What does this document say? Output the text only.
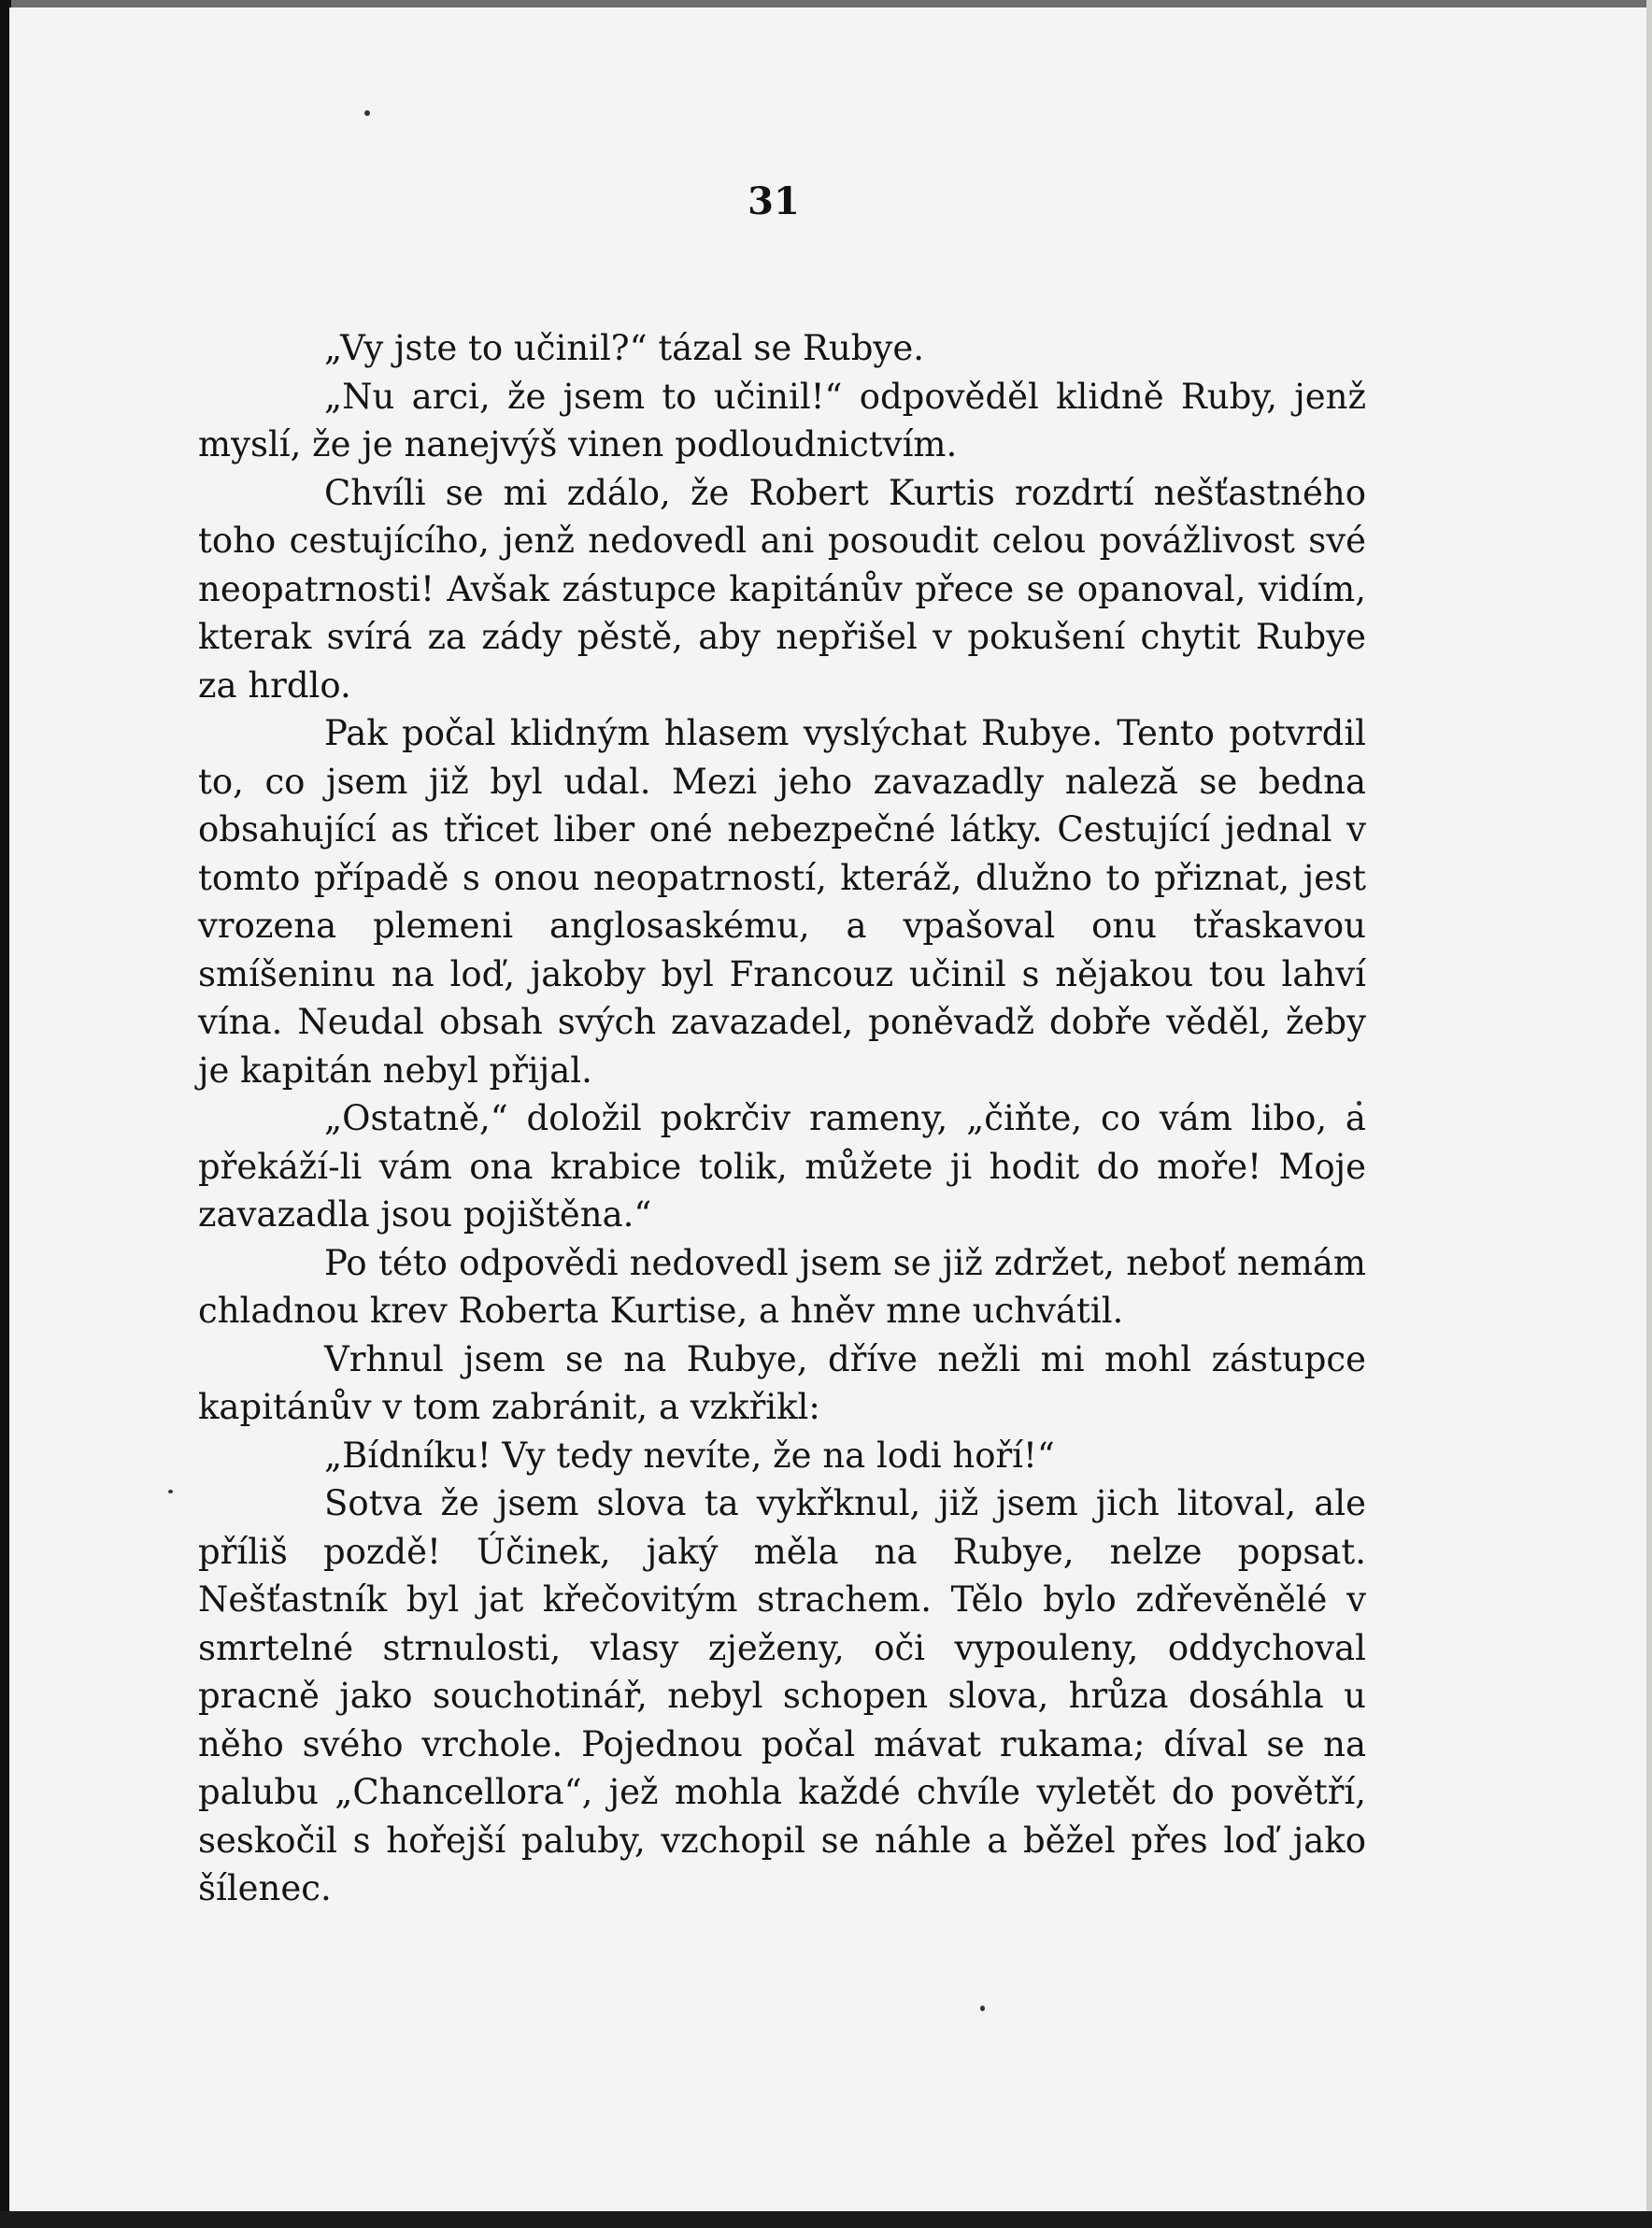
31

„Vy jste to učinil?“ tázal se Rubye.

„Nu arci, že jsem to učinil!“ odpověděl klidně Ruby, jenž myslí, že je nanejvýš vinen podloudnictvím.

Chvíli se mi zdálo, že Robert Kurtis rozdrtí nešťastného toho cestujícího, jenž nedovedl ani posoudit celou povážlivost své neopatrnosti! Avšak zástupce kapitánův přece se opanoval, vidím, kterak svírá za zády pěstě, aby nepřišel v pokušení chytit Rubye za hrdlo.

Pak počal klidným hlasem vyslýchat Rubye. Tento potvrdil to, co jsem již byl udal. Mezi jeho zavazadly naleză se bedna obsahující as třicet liber oné nebezpečné látky. Cestující jednal v tomto případě s onou neopatrností, kteráž, dlužno to přiznat, jest vrozena plemeni anglosaskému, a vpašoval onu třaskavou smíšeninu na loď, jakoby byl Francouz učinil s nějakou tou lahví vína. Neudal obsah svých zavazadel, poněvadž dobře věděl, žeby je kapitán nebyl přijal.

„Ostatně,“ doložil pokrčiv rameny, „čiňte, co vám libo, a překáží-li vám ona krabice tolik, můžete ji hodit do moře! Moje zavazadla jsou pojištěna.“

Po této odpovědi nedovedl jsem se již zdržet, neboť nemám chladnou krev Roberta Kurtise, a hněv mne uchvátil.

Vrhnul jsem se na Rubye, dříve nežli mi mohl zástupce kapitánův v tom zabránit, a vzkřikl:

„Bídníku! Vy tedy nevíte, že na lodi hoří!“

Sotva že jsem slova ta vykřknul, již jsem jich litoval, ale příliš pozdě! Účinek, jaký měla na Rubye, nelze popsat. Nešťastník byl jat křečovitým strachem. Tělo bylo zdřevěnělé v smrtelné strnulosti, vlasy zježeny, oči vypouleny, oddychoval pracně jako souchotinář, nebyl schopen slova, hrůza dosáhla u něho svého vrchole. Pojednou počal mávat rukama; díval se na palubu „Chancellora“, jež mohla každé chvíle vyletět do povětří, seskočil s hořejší paluby, vzchopil se náhle a běžel přes loď jako šílenec.
